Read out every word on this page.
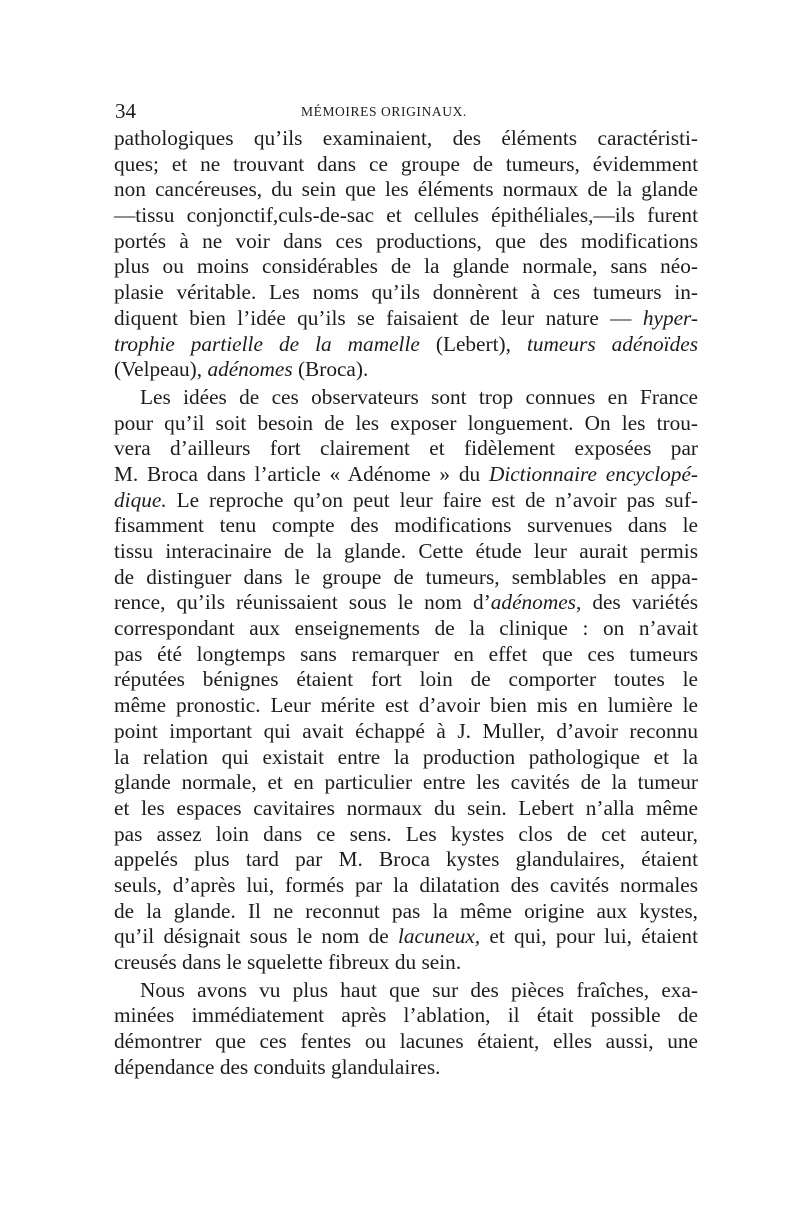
34	MÉMOIRES ORIGINAUX.
pathologiques qu’ils examinaient, des éléments caractéristi-
ques; et ne trouvant dans ce groupe de tumeurs, évidemment
non cancéreuses, du sein que les éléments normaux de la glande
—tissu conjonctif,culs-de-sac et cellules épithéliales,—ils furent
portés à ne voir dans ces productions, que des modifications
plus ou moins considérables de la glande normale, sans néo-
plasie véritable. Les noms qu’ils donnèrent à ces tumeurs in-
diquent bien l’idée qu’ils se faisaient de leur nature — hyper-
trophie partielle de la mamelle (Lebert), tumeurs adénoïdes
(Velpeau), adénomes (Broca).
Les idées de ces observateurs sont trop connues en France
pour qu’il soit besoin de les exposer longuement. On les trou-
vera d’ailleurs fort clairement et fidèlement exposées par
M. Broca dans l’article « Adénome » du Dictionnaire encyclopé-
dique. Le reproche qu’on peut leur faire est de n’avoir pas suf-
fisamment tenu compte des modifications survenues dans le
tissu interacinaire de la glande. Cette étude leur aurait permis
de distinguer dans le groupe de tumeurs, semblables en appa-
rence, qu’ils réunissaient sous le nom d’adénomes, des variétés
correspondant aux enseignements de la clinique : on n’avait
pas été longtemps sans remarquer en effet que ces tumeurs
réputées bénignes étaient fort loin de comporter toutes le
même pronostic. Leur mérite est d’avoir bien mis en lumière le
point important qui avait échappé à J. Muller, d’avoir reconnu
la relation qui existait entre la production pathologique et la
glande normale, et en particulier entre les cavités de la tumeur
et les espaces cavitaires normaux du sein. Lebert n’alla même
pas assez loin dans ce sens. Les kystes clos de cet auteur,
appelés plus tard par M. Broca kystes glandulaires, étaient
seuls, d’après lui, formés par la dilatation des cavités normales
de la glande. Il ne reconnut pas la même origine aux kystes,
qu’il désignait sous le nom de lacuneux, et qui, pour lui, étaient
creusés dans le squelette fibreux du sein.
Nous avons vu plus haut que sur des pièces fraîches, exa-
minées immédiatement après l’ablation, il était possible de
démontrer que ces fentes ou lacunes étaient, elles aussi, une
dépendance des conduits glandulaires.
